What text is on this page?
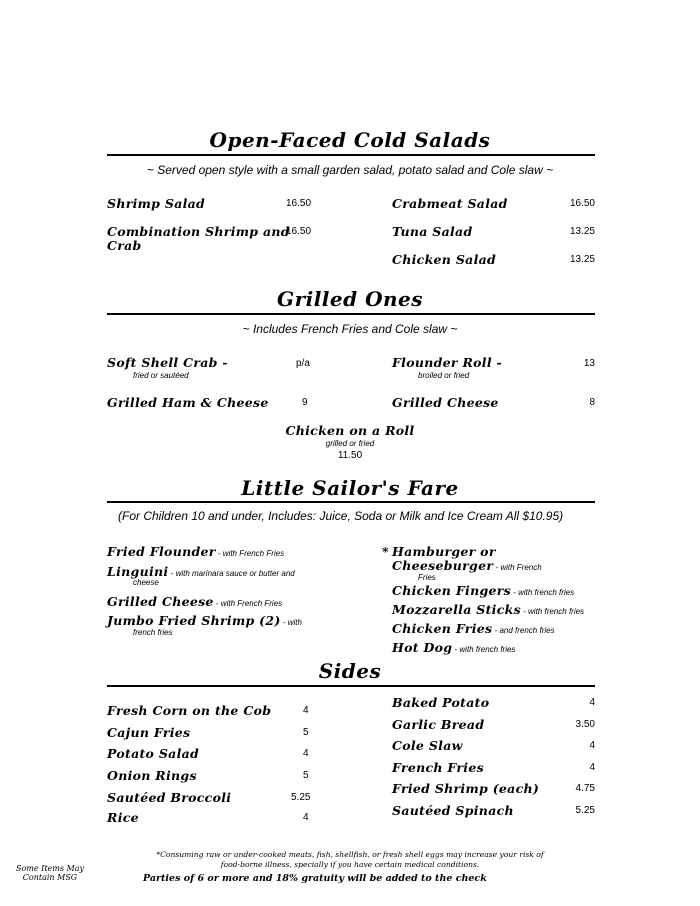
Open-Faced Cold Salads
~ Served open style with a small garden salad, potato salad and Cole slaw ~
Shrimp Salad	16.50
Combination Shrimp and
Crab
16.50
Crabmeat Salad	16.50
Tuna Salad	13.25
Chicken Salad	13.25
Grilled Ones
~ Includes French Fries and Cole slaw ~
Soft Shell Crab -
fried or sautéed
p/a
Grilled Ham & Cheese	9
Flounder Roll -
broiled or fried
13
Grilled Cheese	8
Chicken on a Roll
grilled or fried
11.50
Little Sailor's Fare
(For Children 10 and under, Includes: Juice, Soda or Milk and Ice Cream All $10.95)
Fried Flounder - with French Fries
Linguini - with marinara sauce or butter and
cheese
Grilled Cheese - with French Fries
Jumbo Fried Shrimp (2) - with
french fries
* Hamburger or
Cheeseburger - with French
Fries
Chicken Fingers - with french fries
Mozzarella Sticks - with french fries
Chicken Fries - and french fries
Hot Dog - with french fries
Sides
Fresh Corn on the Cob	4
Cajun Fries	5
Potato Salad	4
Onion Rings	5
Sautéed Broccoli	5.25
Rice	4
Baked Potato	4
Garlic Bread	3.50
Cole Slaw	4
French Fries	4
Fried Shrimp (each)	4.75
Sautéed Spinach	5.25
Some Items May
Contain MSG
*Consuming raw or under-cooked meats, fish, shellfish, or fresh shell eggs may increase your risk of
food-borne illness, specially if you have certain medical conditions.
Parties of 6 or more and 18% gratuity will be added to the check
